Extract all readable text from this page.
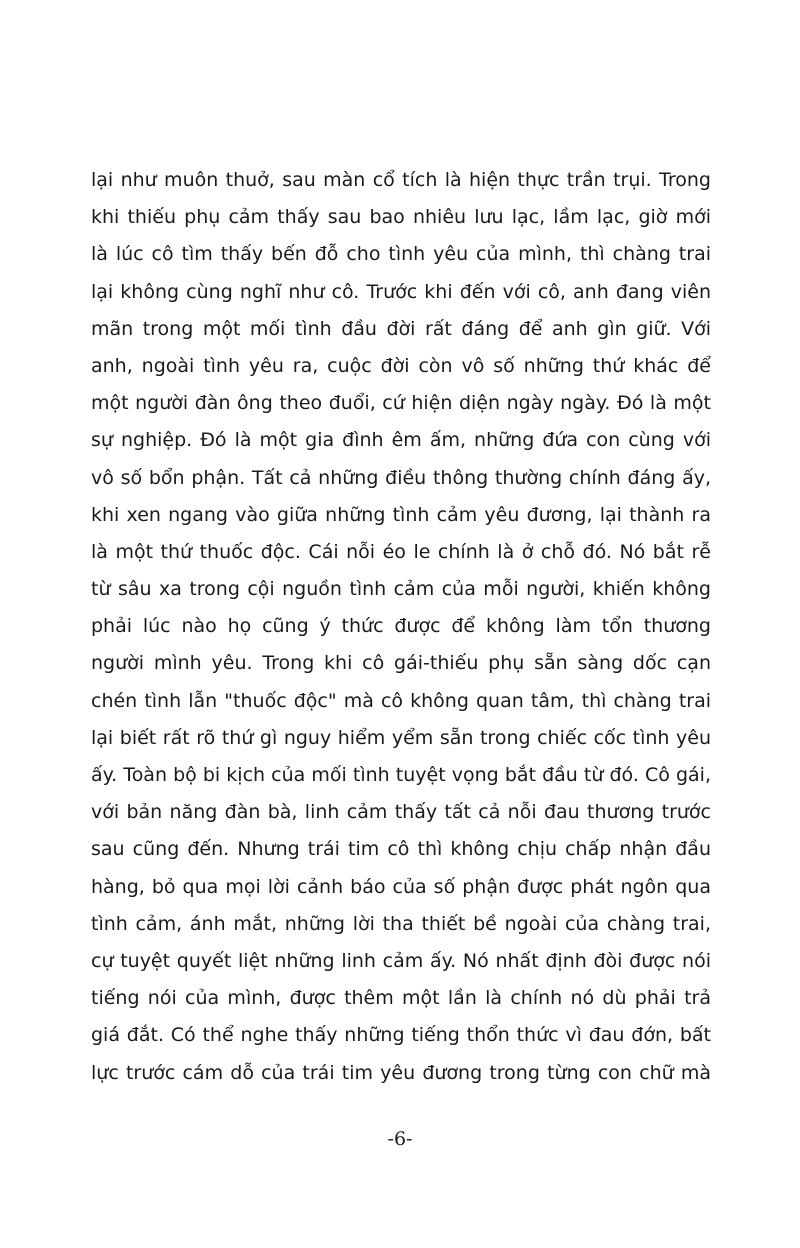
lại như muôn thuở, sau màn cổ tích là hiện thực trần trụi. Trong
khi thiếu phụ cảm thấy sau bao nhiêu lưu lạc, lầm lạc, giờ mới
là lúc cô tìm thấy bến đỗ cho tình yêu của mình, thì chàng trai
lại không cùng nghĩ như cô. Trước khi đến với cô, anh đang viên
mãn trong một mối tình đầu đời rất đáng để anh gìn giữ. Với
anh, ngoài tình yêu ra, cuộc đời còn vô số những thứ khác để
một người đàn ông theo đuổi, cứ hiện diện ngày ngày. Đó là một
sự nghiệp. Đó là một gia đình êm ấm, những đứa con cùng với
vô số bổn phận. Tất cả những điều thông thường chính đáng ấy,
khi xen ngang vào giữa những tình cảm yêu đương, lại thành ra
là một thứ thuốc độc. Cái nỗi éo le chính là ở chỗ đó. Nó bắt rễ
từ sâu xa trong cội nguồn tình cảm của mỗi người, khiến không
phải lúc nào họ cũng ý thức được để không làm tổn thương
người mình yêu. Trong khi cô gái-thiếu phụ sẵn sàng dốc cạn
chén tình lẫn "thuốc độc" mà cô không quan tâm, thì chàng trai
lại biết rất rõ thứ gì nguy hiểm yểm sẵn trong chiếc cốc tình yêu
ấy. Toàn bộ bi kịch của mối tình tuyệt vọng bắt đầu từ đó. Cô gái,
với bản năng đàn bà, linh cảm thấy tất cả nỗi đau thương trước
sau cũng đến. Nhưng trái tim cô thì không chịu chấp nhận đầu
hàng, bỏ qua mọi lời cảnh báo của số phận được phát ngôn qua
tình cảm, ánh mắt, những lời tha thiết bề ngoài của chàng trai,
cự tuyệt quyết liệt những linh cảm ấy. Nó nhất định đòi được nói
tiếng nói của mình, được thêm một lần là chính nó dù phải trả
giá đắt. Có thể nghe thấy những tiếng thổn thức vì đau đớn, bất
lực trước cám dỗ của trái tim yêu đương trong từng con chữ mà
-6-
